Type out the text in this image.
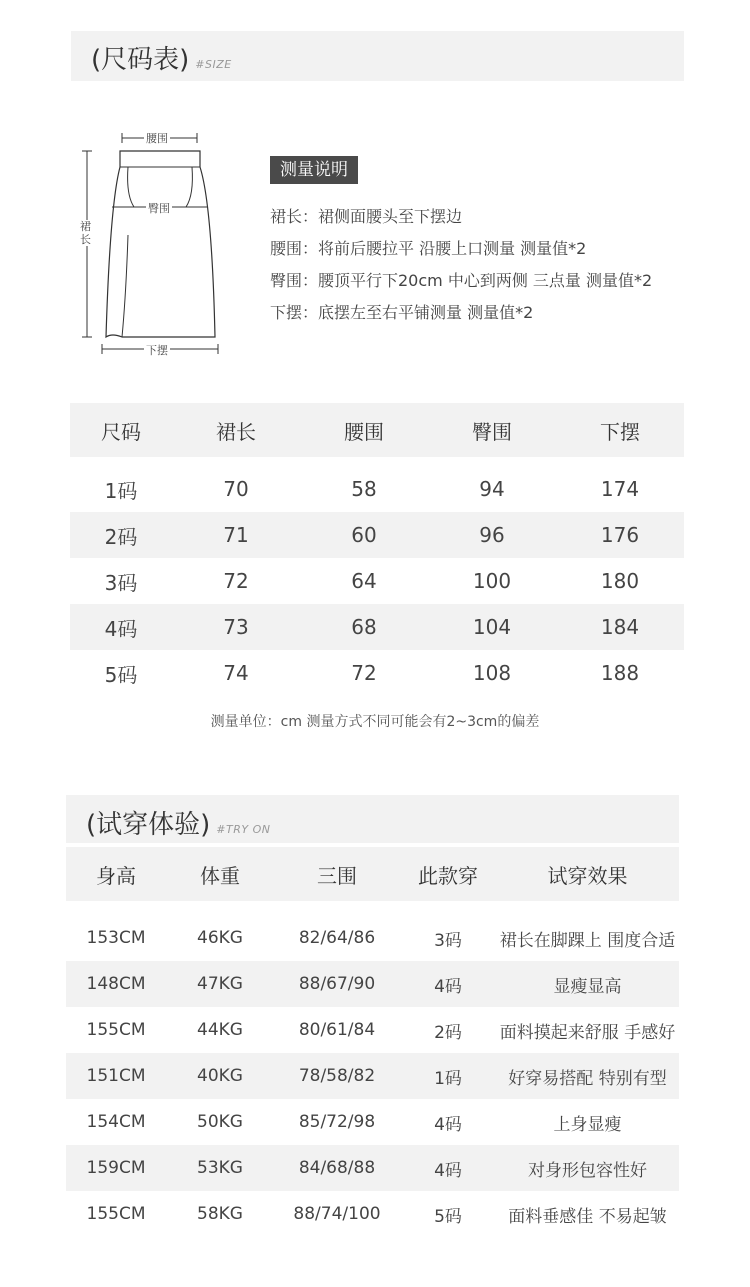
(尺码表) #SIZE
腰围
臀围
裙长
下摆
测量说明
裙长：裙侧面腰头至下摆边
腰围：将前后腰拉平 沿腰上口测量 测量值*2
臀围：腰顶平行下20cm 中心到两侧 三点量 测量值*2
下摆：底摆左至右平铺测量 测量值*2
尺码	裙长	腰围	臀围	下摆
1码	70	58	94	174
2码	71	60	96	176
3码	72	64	100	180
4码	73	68	104	184
5码	74	72	108	188
测量单位：cm 测量方式不同可能会有2~3cm的偏差
(试穿体验) #TRY ON
身高	体重	三围	此款穿	试穿效果
153CM	46KG	82/64/86	3码	裙长在脚踝上 围度合适
148CM	47KG	88/67/90	4码	显瘦显高
155CM	44KG	80/61/84	2码	面料摸起来舒服 手感好
151CM	40KG	78/58/82	1码	好穿易搭配 特别有型
154CM	50KG	85/72/98	4码	上身显瘦
159CM	53KG	84/68/88	4码	对身形包容性好
155CM	58KG	88/74/100	5码	面料垂感佳 不易起皱
